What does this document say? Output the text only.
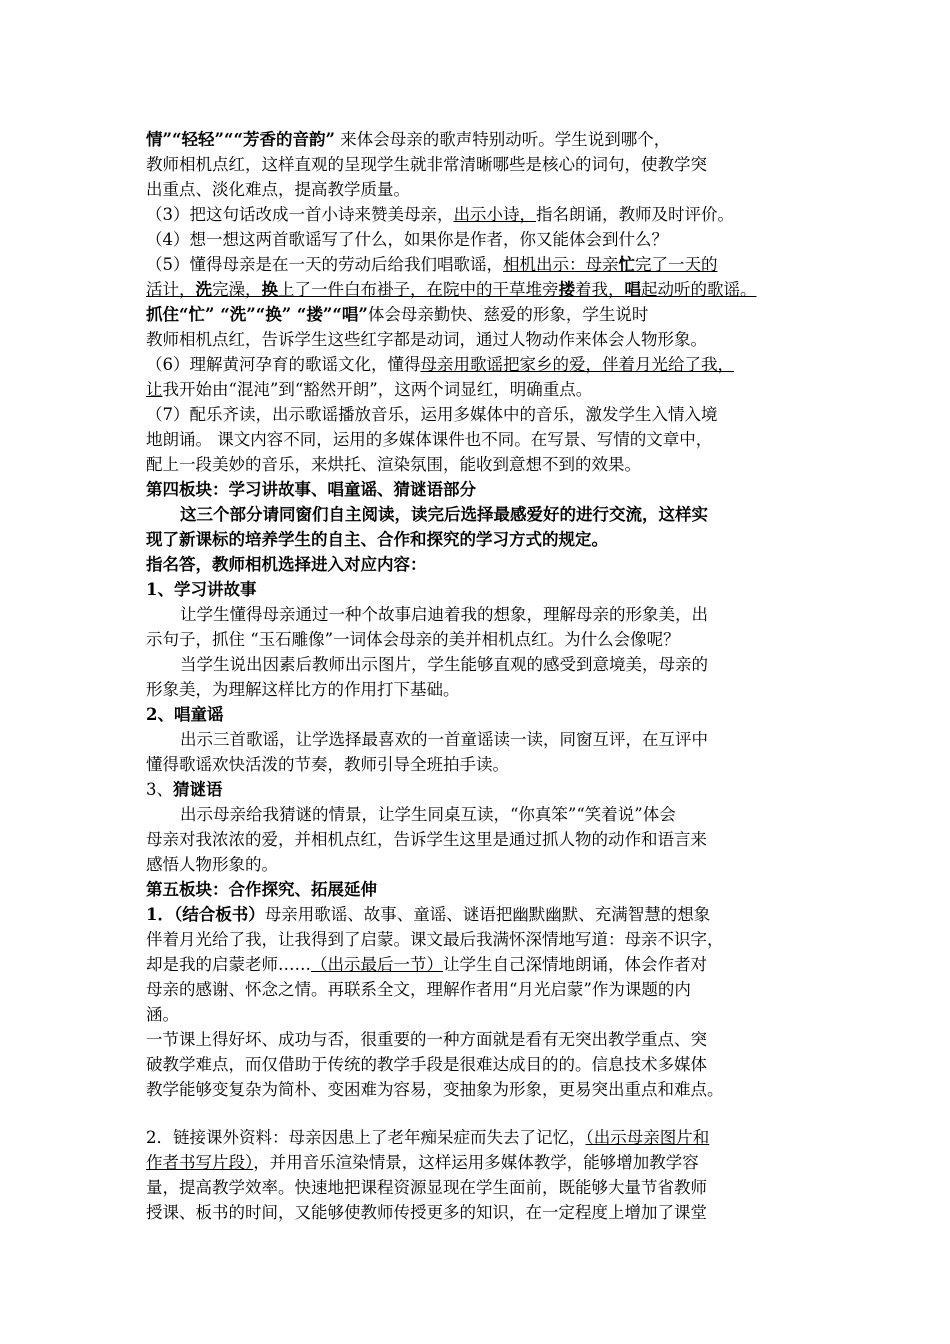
情”“轻轻”““芳香的音韵” 来体会母亲的歌声特别动听。学生说到哪个，
教师相机点红，这样直观的呈现学生就非常清晰哪些是核心的词句，使教学突
出重点、淡化难点，提高教学质量。
（3）把这句话改成一首小诗来赞美母亲，出示小诗，指名朗诵，教师及时评价。
（4）想一想这两首歌谣写了什么，如果你是作者，你又能体会到什么？
（5）懂得母亲是在一天的劳动后给我们唱歌谣，相机出示：母亲忙完了一天的
活计，洗完澡，换上了一件白布褂子，在院中的干草堆旁搂着我，唱起动听的歌谣。
抓住“忙” “洗”“换” “搂”“唱”体会母亲勤快、慈爱的形象，学生说时
教师相机点红，告诉学生这些红字都是动词，通过人物动作来体会人物形象。
（6）理解黄河孕育的歌谣文化，懂得母亲用歌谣把家乡的爱，伴着月光给了我，
让我开始由“混沌”到“豁然开朗”，这两个词显红，明确重点。
（7）配乐齐读，出示歌谣播放音乐，运用多媒体中的音乐，激发学生入情入境
地朗诵。 课文内容不同，运用的多媒体课件也不同。在写景、写情的文章中，
配上一段美妙的音乐，来烘托、渲染氛围，能收到意想不到的效果。
第四板块：学习讲故事、唱童谣、猜谜语部分
这三个部分请同窗们自主阅读，读完后选择最感爱好的进行交流，这样实
现了新课标的培养学生的自主、合作和探究的学习方式的规定。
指名答，教师相机选择进入对应内容：
1、学习讲故事
让学生懂得母亲通过一种个故事启迪着我的想象，理解母亲的形象美，出
示句子，抓住 “玉石雕像”一词体会母亲的美并相机点红。为什么会像呢？
当学生说出因素后教师出示图片，学生能够直观的感受到意境美，母亲的
形象美，为理解这样比方的作用打下基础。
2、唱童谣
出示三首歌谣，让学选择最喜欢的一首童谣读一读，同窗互评，在互评中
懂得歌谣欢快活泼的节奏，教师引导全班拍手读。
3、猜谜语
出示母亲给我猜谜的情景，让学生同桌互读，“你真笨”“笑着说”体会
母亲对我浓浓的爱，并相机点红，告诉学生这里是通过抓人物的动作和语言来
感悟人物形象的。
第五板块：合作探究、拓展延伸
1．（结合板书）母亲用歌谣、故事、童谣、谜语把幽默幽默、充满智慧的想象
伴着月光给了我，让我得到了启蒙。课文最后我满怀深情地写道：母亲不识字，
却是我的启蒙老师……（出示最后一节）让学生自己深情地朗诵，体会作者对
母亲的感谢、怀念之情。再联系全文，理解作者用“月光启蒙”作为课题的内
涵。
一节课上得好坏、成功与否，很重要的一种方面就是看有无突出教学重点、突
破教学难点，而仅借助于传统的教学手段是很难达成目的的。信息技术多媒体
教学能够变复杂为简朴、变困难为容易，变抽象为形象，更易突出重点和难点。
2．链接课外资料：母亲因患上了老年痴呆症而失去了记忆，（出示母亲图片和
作者书写片段），并用音乐渲染情景，这样运用多媒体教学，能够增加教学容
量，提高教学效率。快速地把课程资源显现在学生面前，既能够大量节省教师
授课、板书的时间，又能够使教师传授更多的知识，在一定程度上增加了课堂
